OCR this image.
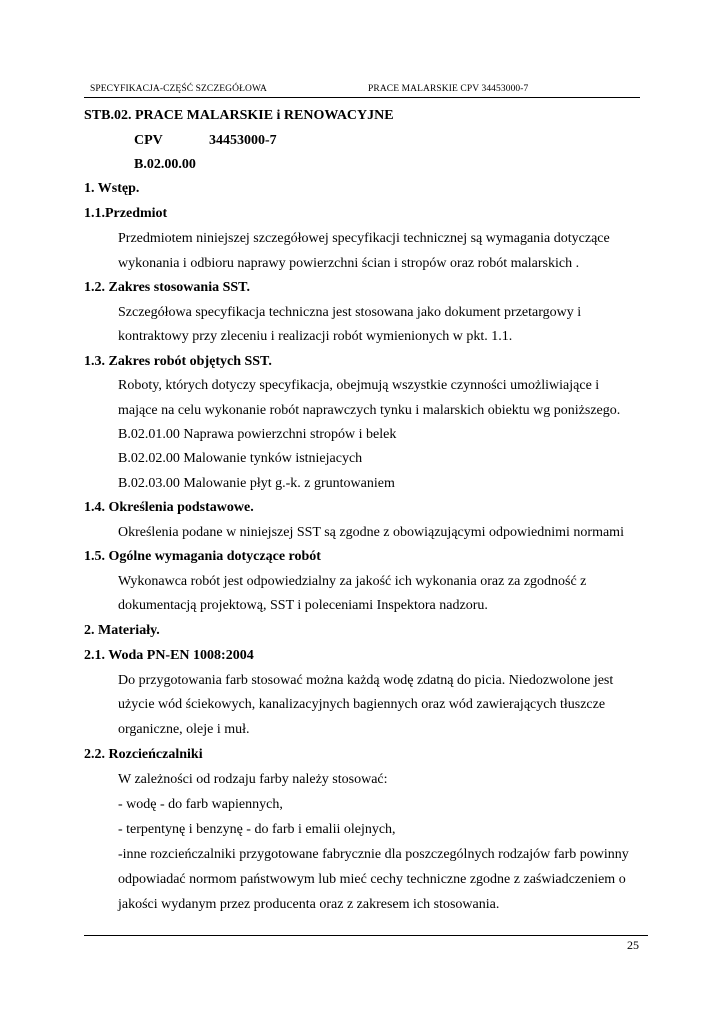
SPECYFIKACJA-CZĘŚĆ SZCZEGÓŁOWA	PRACE MALARSKIE CPV 34453000-7
STB.02. PRACE MALARSKIE i RENOWACYJNE
CPV	34453000-7
B.02.00.00
1. Wstęp.
1.1.Przedmiot
Przedmiotem niniejszej szczegółowej specyfikacji technicznej są wymagania dotyczące
wykonania i odbioru naprawy powierzchni ścian i stropów oraz robót malarskich .
1.2. Zakres stosowania SST.
Szczegółowa specyfikacja techniczna jest stosowana jako dokument przetargowy i
kontraktowy przy zleceniu i realizacji robót wymienionych w pkt. 1.1.
1.3. Zakres robót objętych SST.
Roboty, których dotyczy specyfikacja, obejmują wszystkie czynności umożliwiające i
mające na celu wykonanie robót naprawczych tynku i malarskich obiektu wg poniższego.
B.02.01.00 Naprawa powierzchni stropów i belek
B.02.02.00 Malowanie tynków istniejacych
B.02.03.00 Malowanie płyt g.-k. z gruntowaniem
1.4. Określenia podstawowe.
Określenia podane w niniejszej SST są zgodne z obowiązującymi odpowiednimi normami
1.5. Ogólne wymagania dotyczące robót
Wykonawca robót jest odpowiedzialny za jakość ich wykonania oraz za zgodność z
dokumentacją projektową, SST i poleceniami Inspektora nadzoru.
2. Materiały.
2.1. Woda PN-EN 1008:2004
Do przygotowania farb stosować można każdą wodę zdatną do picia. Niedozwolone jest
użycie wód ściekowych, kanalizacyjnych bagiennych oraz wód zawierających tłuszcze
organiczne, oleje i muł.
2.2. Rozcieńczalniki
W zależności od rodzaju farby należy stosować:
- wodę - do farb wapiennych,
- terpentynę i benzynę - do farb i emalii olejnych,
-inne rozcieńczalniki przygotowane fabrycznie dla poszczególnych rodzajów farb powinny
odpowiadać normom państwowym lub mieć cechy techniczne zgodne z zaświadczeniem o
jakości wydanym przez producenta oraz z zakresem ich stosowania.
25
